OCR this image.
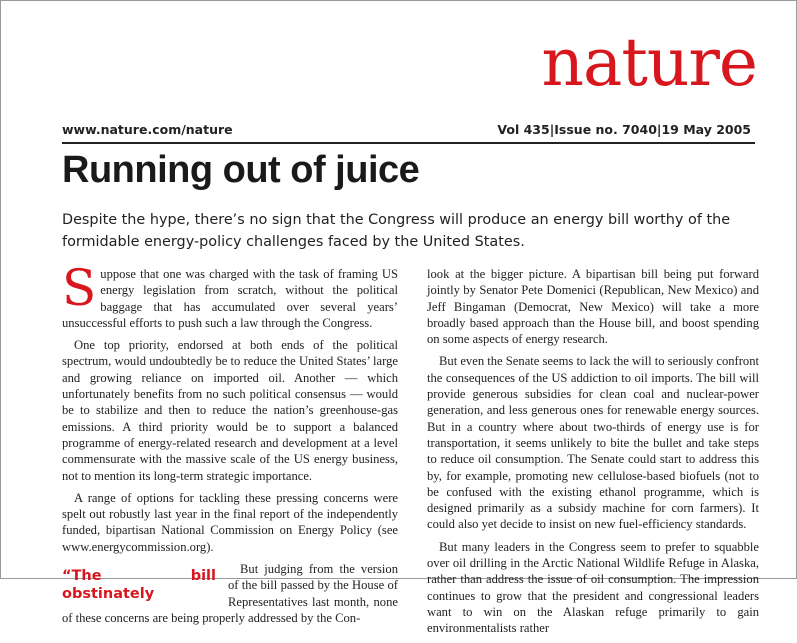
nature
www.nature.com/nature	Vol 435|Issue no. 7040|19 May 2005
Running out of juice
Despite the hype, there’s no sign that the Congress will produce an energy bill worthy of the formidable energy-policy challenges faced by the United States.

Suppose that one was charged with the task of framing US energy legislation from scratch, without the political baggage that has accumulated over several years’ unsuccessful efforts to push such a law through the Congress.

One top priority, endorsed at both ends of the political spectrum, would undoubtedly be to reduce the United States’ large and growing reliance on imported oil. Another — which unfortunately benefits from no such political consensus — would be to stabilize and then to reduce the nation’s greenhouse-gas emissions. A third priority would be to support a balanced programme of energy-related research and development at a level commensurate with the massive scale of the US energy business, not to mention its long-term strategic importance.

A range of options for tackling these pressing concerns were spelt out robustly last year in the final report of the independently funded, bipartisan National Commission on Energy Policy (see www.energycommission.org).

“The bill obstinately

But judging from the version of the bill passed by the House of Representatives last month, none of these concerns are being properly addressed by the Con-

look at the bigger picture. A bipartisan bill being put forward jointly by Senator Pete Domenici (Republican, New Mexico) and Jeff Bingaman (Democrat, New Mexico) will take a more broadly based approach than the House bill, and boost spending on some aspects of energy research.

But even the Senate seems to lack the will to seriously confront the consequences of the US addiction to oil imports. The bill will provide generous subsidies for clean coal and nuclear-power generation, and less generous ones for renewable energy sources. But in a country where about two-thirds of energy use is for transportation, it seems unlikely to bite the bullet and take steps to reduce oil consumption. The Senate could start to address this by, for example, promoting new cellulose-based biofuels (not to be confused with the existing ethanol programme, which is designed primarily as a subsidy machine for corn farmers). It could also yet decide to insist on new fuel-efficiency standards.

But many leaders in the Congress seem to prefer to squabble over oil drilling in the Arctic National Wildlife Refuge in Alaska, rather than address the issue of oil consumption. The impression continues to grow that the president and congressional leaders want to win on the Alaskan refuge primarily to gain environmentalists rather
